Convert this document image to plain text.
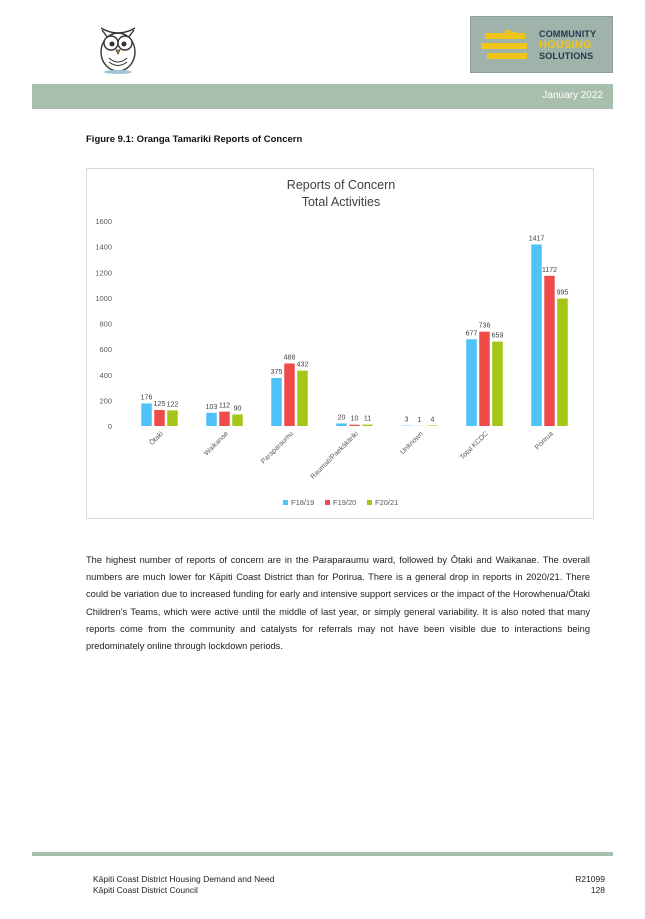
COMMUNITY
HOUSING
SOLUTIONS
January 2022
Figure 9.1: Oranga Tamariki Reports of Concern
Reports of Concern
Total Activities
0
200
400
600
800
1000
1200
1400
1600
176
125 122	103 112 90
375
488
432
20 10 11	3 1 4
677
736
659
1417
1172
995
Ōtaki	Waikanae	Paraparaumu Raumati/Paekākāriki	Unknown	Total KCDC	Porirua
F18/19 F19/20 F20/21
The highest number of reports of concern are in the Paraparaumu ward, followed by Ōtaki and Waikanae. The overall numbers are much lower for Kāpiti Coast District than for Porirua. There is a general drop in reports in 2020/21. There could be variation due to increased funding for early and intensive support services or the impact of the Horowhenua/Ōtaki Children’s Teams, which were active until the middle of last year, or simply general variability. It is also noted that many reports come from the community and catalysts for referrals may not have been visible due to interactions being predominately online through lockdown periods.
Kāpiti Coast District Housing Demand and Need
Kāpiti Coast District Council
R21099
128
